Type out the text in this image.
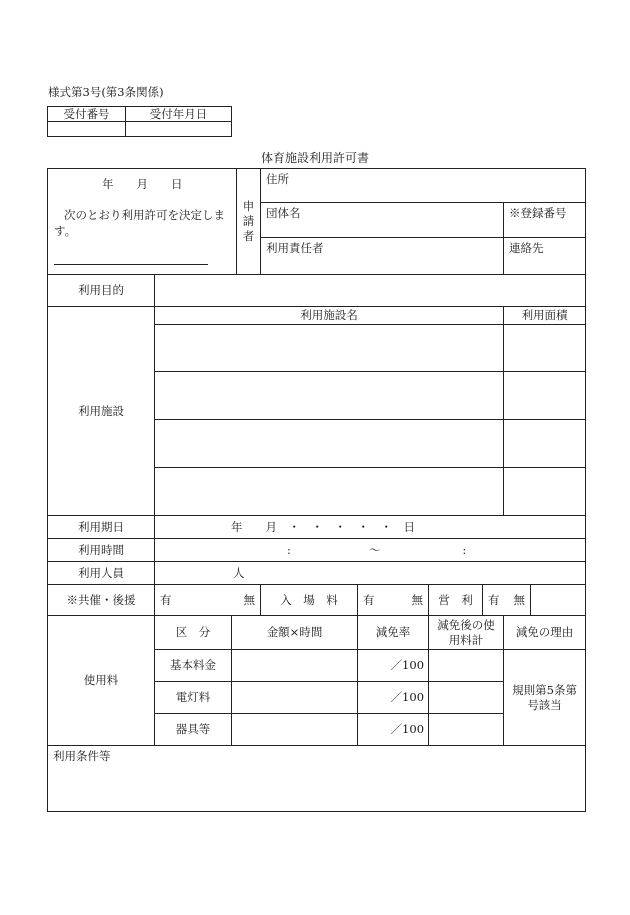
様式第3号(第3条関係)
受付番号	受付年月日

体育施設利用許可書
年　　月　　日
次のとおり利用許可を決定します。			申請者	住所					
				団体名				※登録番号	
				利用責任者				連絡先	
利用目的									
利用施設	利用施設名							利用面積	

利用期日	年　　月　・　・　・　・　・　日								
利用時間	: ～ :								
利用人員	人								
※共催・後援	有 無			入　場　料	有 無	営　利	有 無		

使用料	区　分	金額×時間			減免率	減免後の使用料計		減免の理由	
	基本料金				／100			規則第5条第号該当	
	電灯料				／100				
	器具等				／100				
利用条件等									
